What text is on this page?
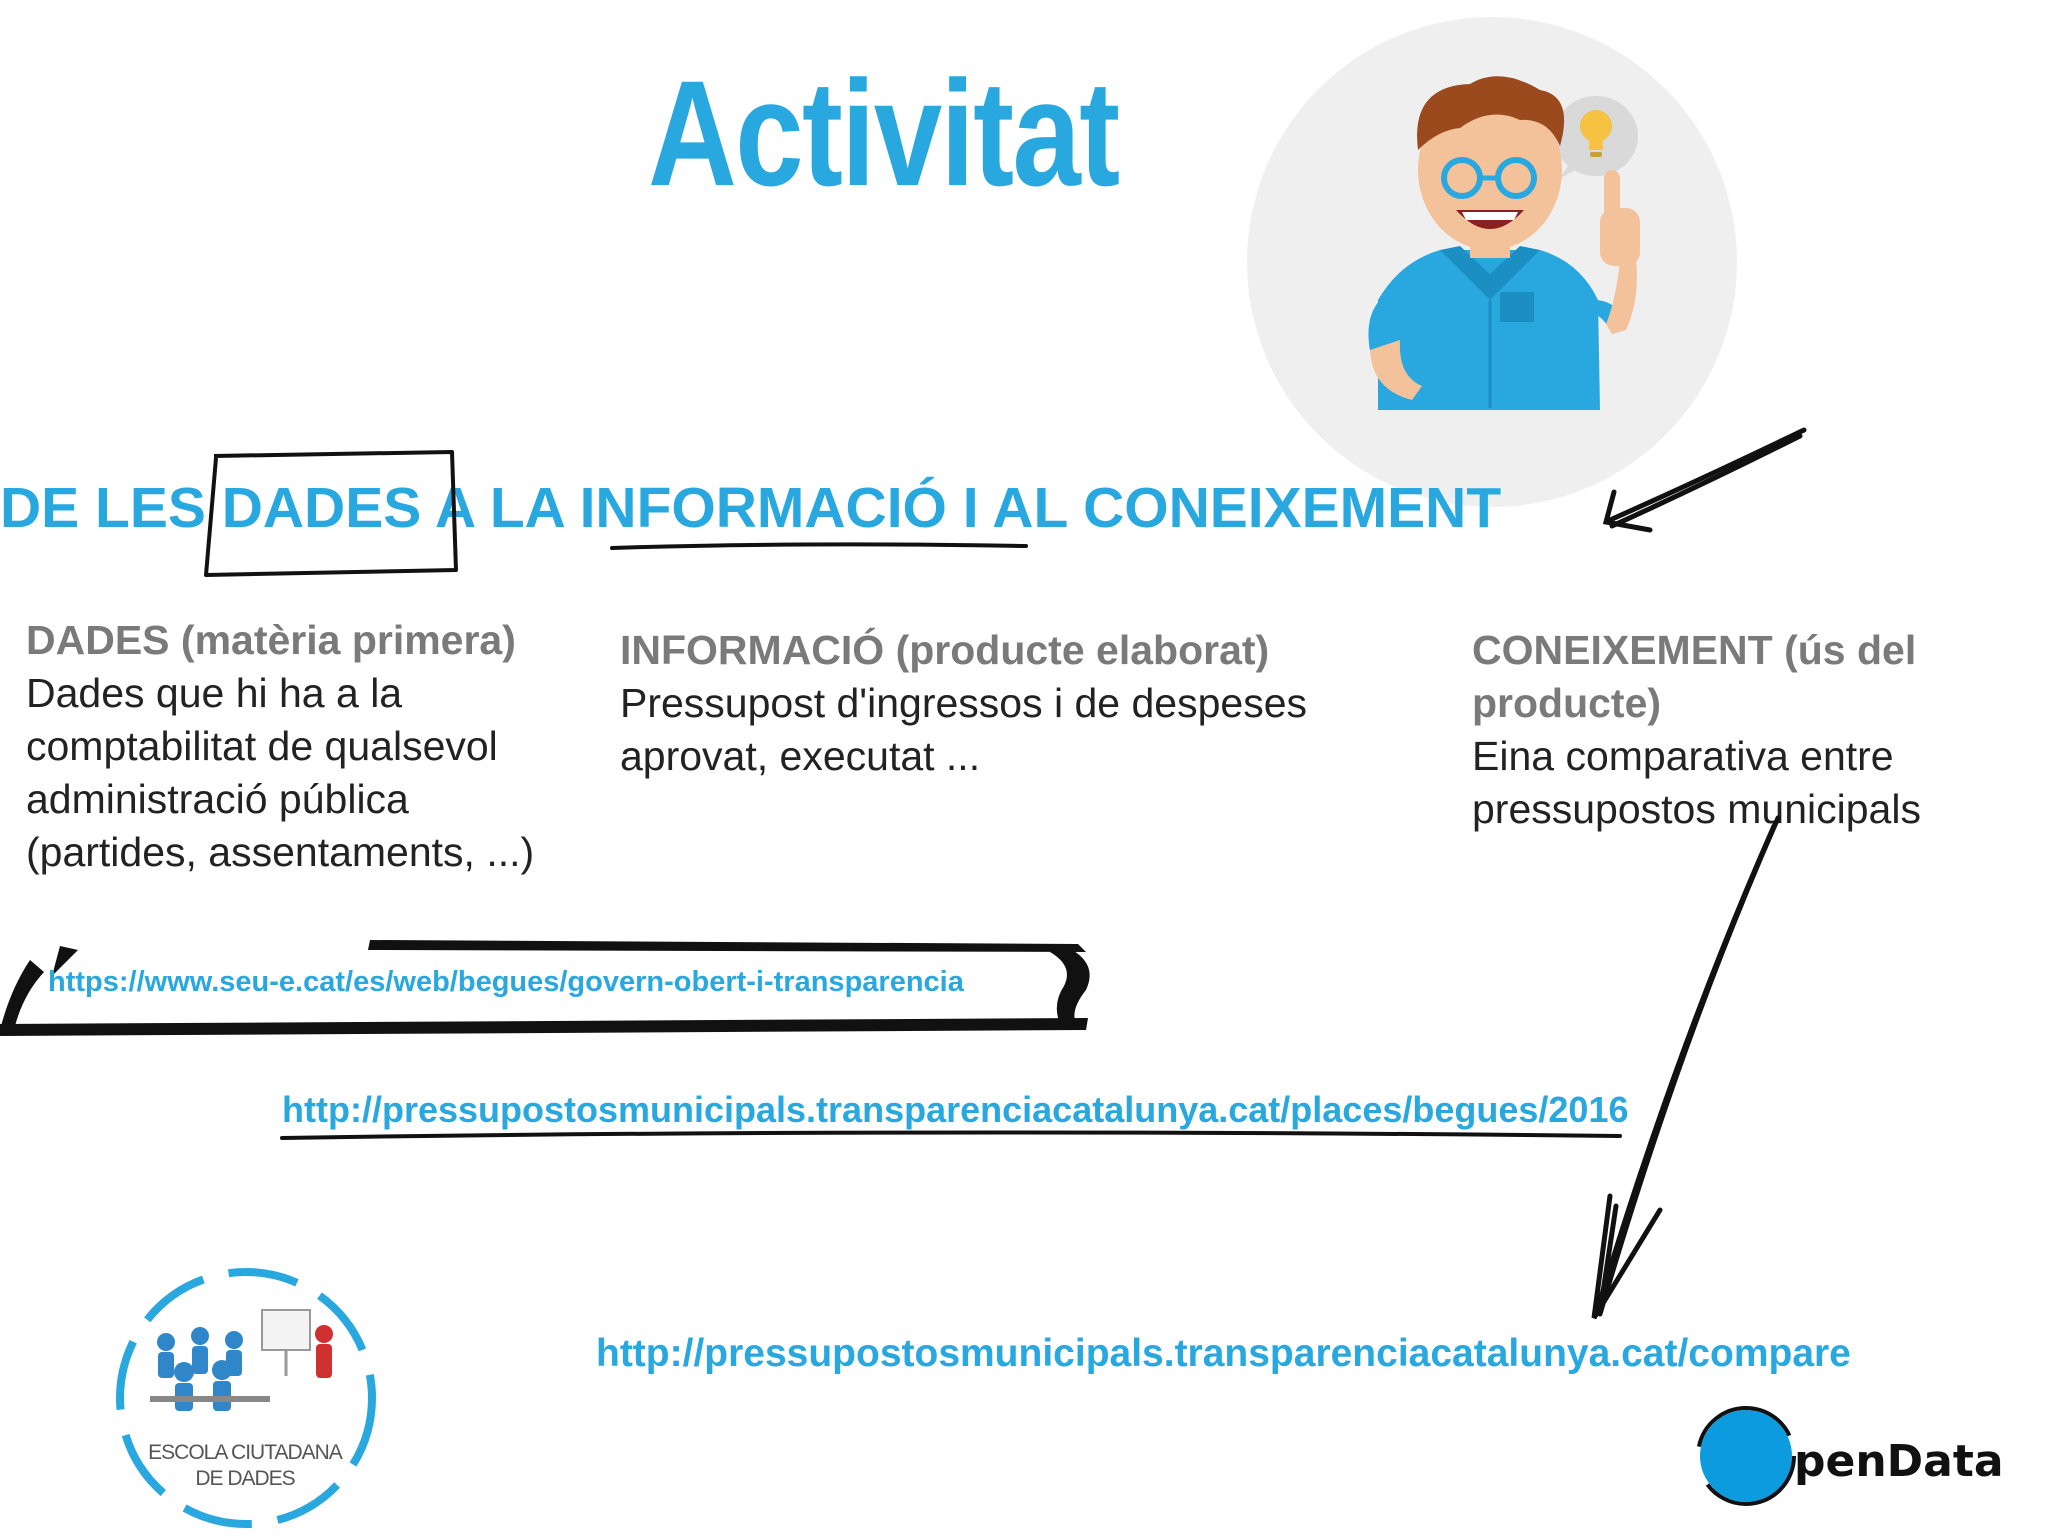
Activitat
DE LES DADES A LA INFORMACIÓ I AL CONEIXEMENT
DADES (matèria primera)
Dades que hi ha a la comptabilitat de qualsevol administració pública (partides, assentaments, ...)
INFORMACIÓ (producte elaborat)
Pressupost d'ingressos i de despeses aprovat, executat ...
CONEIXEMENT (ús del producte)
Eina comparativa entre pressupostos municipals
https://www.seu-e.cat/es/web/begues/govern-obert-i-transparencia
http://pressupostosmunicipals.transparenciacatalunya.cat/places/begues/2016
http://pressupostosmunicipals.transparenciacatalunya.cat/compare
ESCOLA CIUTADANA DE DADES	penData
